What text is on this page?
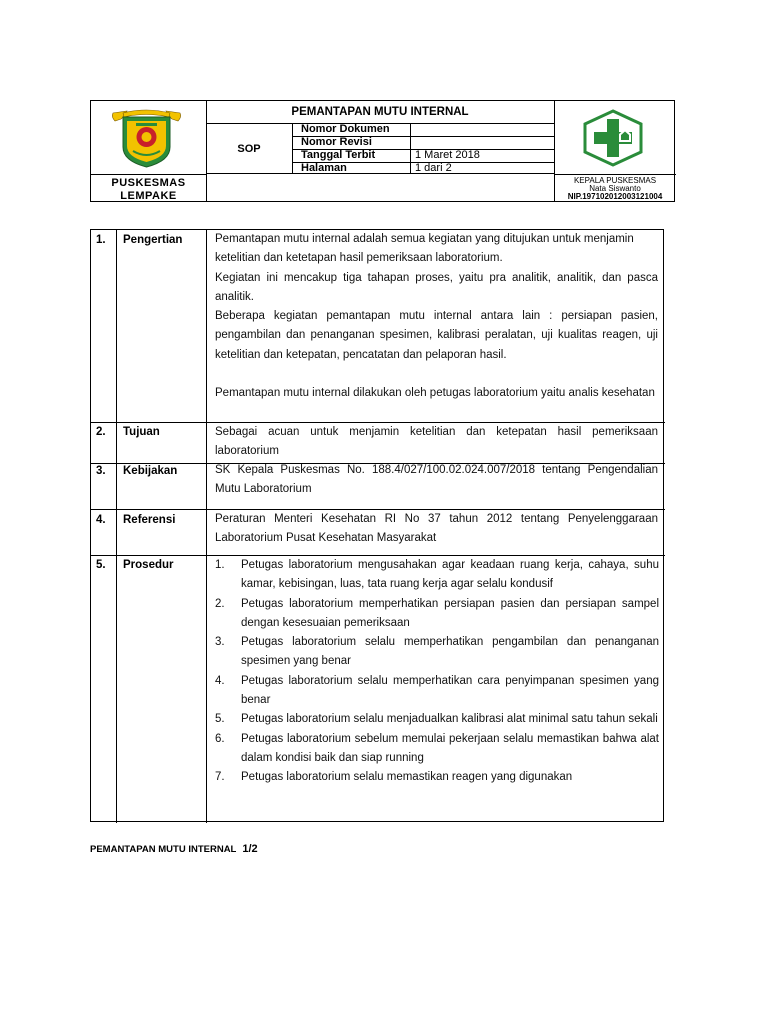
PEMANTAPAN MUTU INTERNAL
SOP
Nomor Dokumen
Nomor Revisi
Tanggal Terbit	1 Maret 2018
Halaman	1 dari 2
PUSKESMAS
LEMPAKE
KEPALA PUSKESMAS
Nata Siswanto
NIP.197102012003121004
1. Pengertian	Pemantapan mutu internal adalah semua kegiatan yang ditujukan untuk menjamin ketelitian dan ketetapan hasil pemeriksaan laboratorium.
Kegiatan ini mencakup tiga tahapan proses, yaitu pra analitik, analitik, dan pasca analitik.
Beberapa kegiatan pemantapan mutu internal antara lain : persiapan pasien, pengambilan dan penanganan spesimen, kalibrasi peralatan, uji kualitas reagen, uji ketelitian dan ketepatan, pencatatan dan pelaporan hasil.
Pemantapan mutu internal dilakukan oleh petugas laboratorium yaitu analis kesehatan
2. Tujuan	Sebagai acuan untuk menjamin ketelitian dan ketepatan hasil pemeriksaan laboratorium
3. Kebijakan	SK Kepala Puskesmas No. 188.4/027/100.02.024.007/2018 tentang Pengendalian Mutu Laboratorium
4. Referensi	Peraturan Menteri Kesehatan RI No 37 tahun 2012 tentang Penyelenggaraan Laboratorium Pusat Kesehatan Masyarakat
5. Prosedur	1.	Petugas laboratorium mengusahakan agar keadaan ruang kerja, cahaya, suhu kamar, kebisingan, luas, tata ruang kerja agar selalu kondusif
2.	Petugas laboratorium memperhatikan persiapan pasien dan persiapan sampel dengan kesesuaian pemeriksaan
3.	Petugas laboratorium selalu memperhatikan pengambilan dan penanganan spesimen yang benar
4.	Petugas laboratorium selalu memperhatikan cara penyimpanan spesimen yang benar
5.	Petugas laboratorium selalu menjadualkan kalibrasi alat minimal satu tahun sekali
6.	Petugas laboratorium sebelum memulai pekerjaan selalu memastikan bahwa alat dalam kondisi baik dan siap running
7.	Petugas laboratorium selalu memastikan reagen yang digunakan
PEMANTAPAN MUTU INTERNAL 1/2
